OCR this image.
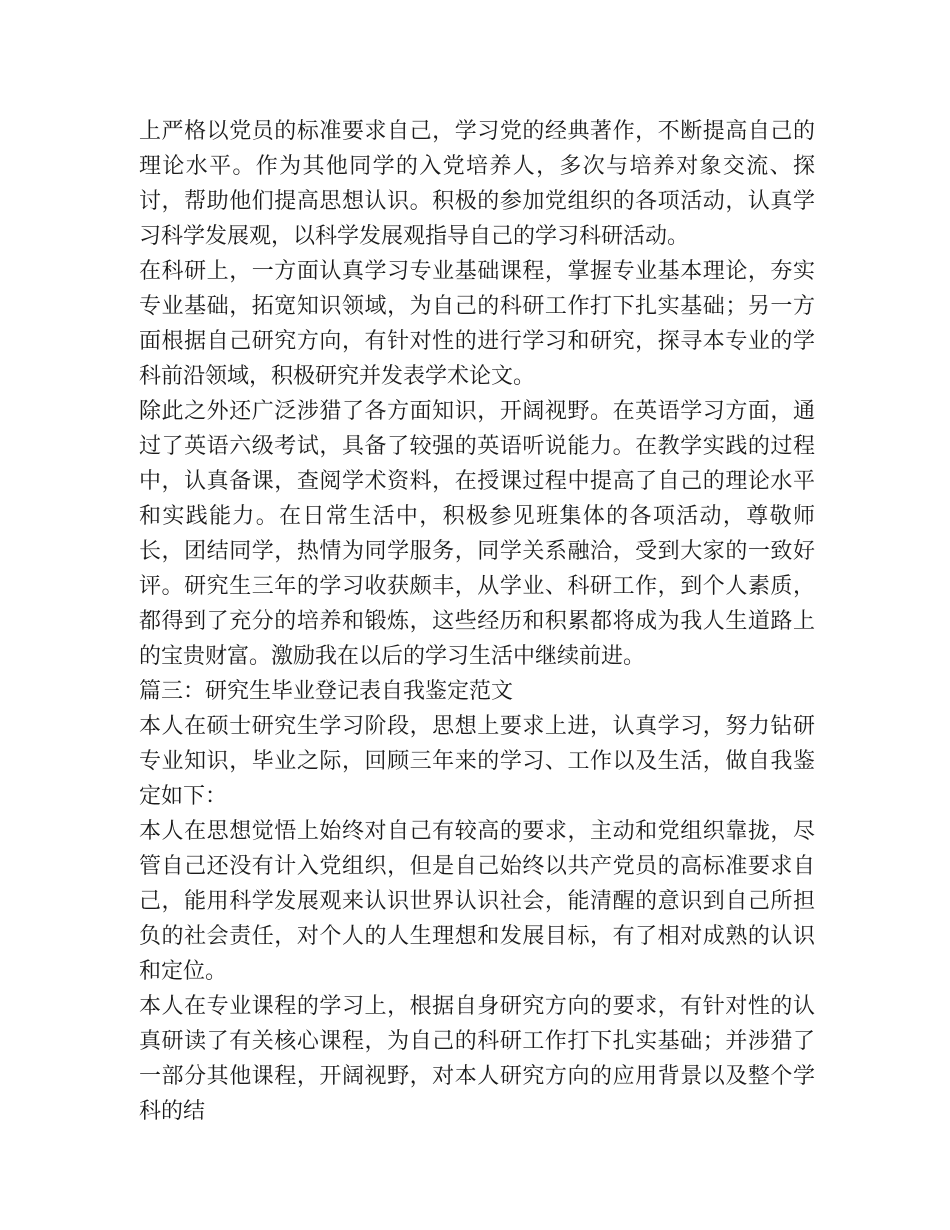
上严格以党员的标准要求自己，学习党的经典著作，不断提高自己的理论水平。作为其他同学的入党培养人，多次与培养对象交流、探讨，帮助他们提高思想认识。积极的参加党组织的各项活动，认真学习科学发展观，以科学发展观指导自己的学习科研活动。

在科研上，一方面认真学习专业基础课程，掌握专业基本理论，夯实专业基础，拓宽知识领域，为自己的科研工作打下扎实基础；另一方面根据自己研究方向，有针对性的进行学习和研究，探寻本专业的学科前沿领域，积极研究并发表学术论文。

除此之外还广泛涉猎了各方面知识，开阔视野。在英语学习方面，通过了英语六级考试，具备了较强的英语听说能力。在教学实践的过程中，认真备课，查阅学术资料，在授课过程中提高了自己的理论水平和实践能力。在日常生活中，积极参见班集体的各项活动，尊敬师长，团结同学，热情为同学服务，同学关系融洽，受到大家的一致好评。研究生三年的学习收获颇丰，从学业、科研工作，到个人素质，都得到了充分的培养和锻炼，这些经历和积累都将成为我人生道路上的宝贵财富。激励我在以后的学习生活中继续前进。

篇三：研究生毕业登记表自我鉴定范文

本人在硕士研究生学习阶段，思想上要求上进，认真学习，努力钻研专业知识，毕业之际，回顾三年来的学习、工作以及生活，做自我鉴定如下：

本人在思想觉悟上始终对自己有较高的要求，主动和党组织靠拢，尽管自己还没有计入党组织，但是自己始终以共产党员的高标准要求自己，能用科学发展观来认识世界认识社会，能清醒的意识到自己所担负的社会责任，对个人的人生理想和发展目标，有了相对成熟的认识和定位。

本人在专业课程的学习上，根据自身研究方向的要求，有针对性的认真研读了有关核心课程，为自己的科研工作打下扎实基础；并涉猎了一部分其他课程，开阔视野，对本人研究方向的应用背景以及整个学科的结
